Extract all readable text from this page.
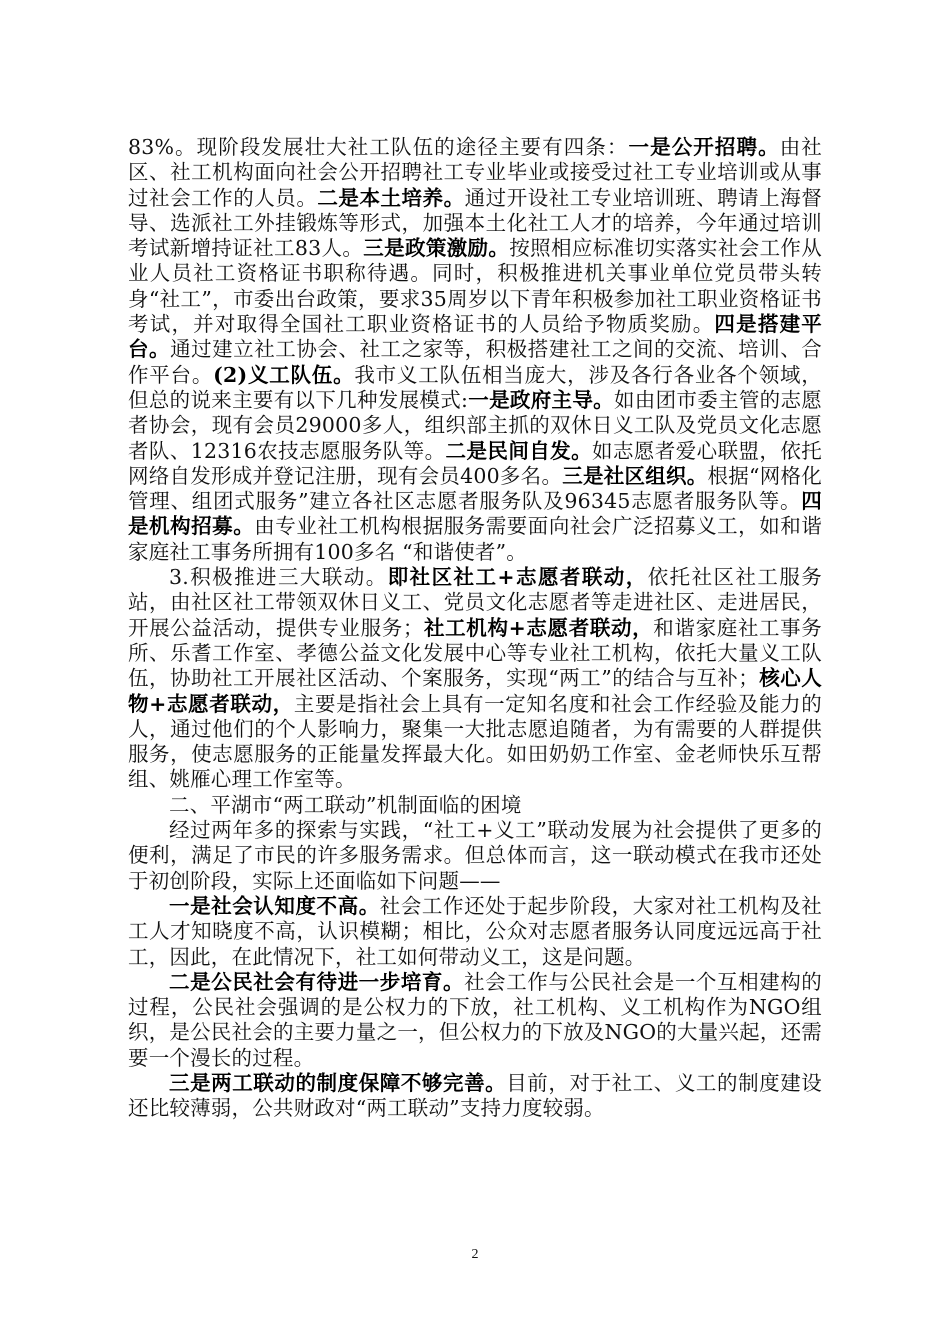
83%。现阶段发展壮大社工队伍的途径主要有四条：一是公开招聘。由社区、社工机构面向社会公开招聘社工专业毕业或接受过社工专业培训或从事过社会工作的人员。二是本土培养。通过开设社工专业培训班、聘请上海督导、选派社工外挂锻炼等形式，加强本土化社工人才的培养，今年通过培训考试新增持证社工83人。三是政策激励。按照相应标准切实落实社会工作从业人员社工资格证书职称待遇。同时，积极推进机关事业单位党员带头转身“社工”，市委出台政策，要求35周岁以下青年积极参加社工职业资格证书考试，并对取得全国社工职业资格证书的人员给予物质奖励。四是搭建平台。通过建立社工协会、社工之家等，积极搭建社工之间的交流、培训、合作平台。(2)义工队伍。我市义工队伍相当庞大，涉及各行各业各个领域，但总的说来主要有以下几种发展模式:一是政府主导。如由团市委主管的志愿者协会，现有会员29000多人，组织部主抓的双休日义工队及党员文化志愿者队、12316农技志愿服务队等。二是民间自发。如志愿者爱心联盟，依托网络自发形成并登记注册，现有会员400多名。三是社区组织。根据“网格化管理、组团式服务”建立各社区志愿者服务队及96345志愿者服务队等。四是机构招募。由专业社工机构根据服务需要面向社会广泛招募义工，如和谐家庭社工事务所拥有100多名 “和谐使者”。

3.积极推进三大联动。即社区社工+志愿者联动，依托社区社工服务站，由社区社工带领双休日义工、党员文化志愿者等走进社区、走进居民，开展公益活动，提供专业服务；社工机构+志愿者联动，和谐家庭社工事务所、乐耆工作室、孝德公益文化发展中心等专业社工机构，依托大量义工队伍，协助社工开展社区活动、个案服务，实现“两工”的结合与互补；核心人物+志愿者联动，主要是指社会上具有一定知名度和社会工作经验及能力的人，通过他们的个人影响力，聚集一大批志愿追随者，为有需要的人群提供服务，使志愿服务的正能量发挥最大化。如田奶奶工作室、金老师快乐互帮组、姚雁心理工作室等。

二、平湖市“两工联动”机制面临的困境

经过两年多的探索与实践，“社工+义工”联动发展为社会提供了更多的便利，满足了市民的许多服务需求。但总体而言，这一联动模式在我市还处于初创阶段，实际上还面临如下问题——

一是社会认知度不高。社会工作还处于起步阶段，大家对社工机构及社工人才知晓度不高，认识模糊；相比，公众对志愿者服务认同度远远高于社工，因此，在此情况下，社工如何带动义工，这是问题。

二是公民社会有待进一步培育。社会工作与公民社会是一个互相建构的过程，公民社会强调的是公权力的下放，社工机构、义工机构作为NGO组织，是公民社会的主要力量之一，但公权力的下放及NGO的大量兴起，还需要一个漫长的过程。

三是两工联动的制度保障不够完善。目前，对于社工、义工的制度建设还比较薄弱，公共财政对“两工联动”支持力度较弱。

2
